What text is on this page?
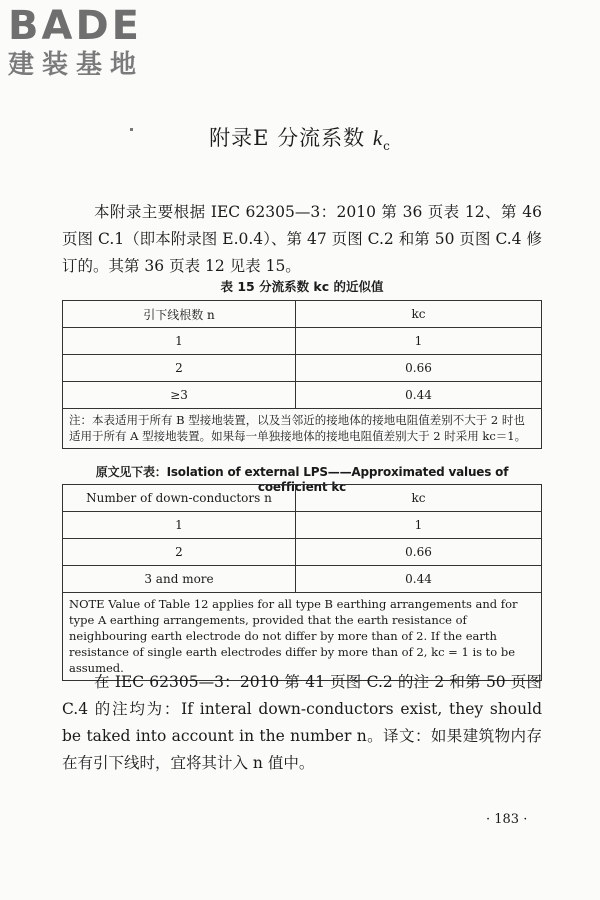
BADE
建装基地
附录E 分流系数 $k_c$

本附录主要根据 IEC 62305—3：2010 第 36 页表 12、第 46 页图 C.1（即本附录图 E.0.4）、第 47 页图 C.2 和第 50 页图 C.4 修订的。其第 36 页表 12 见表 15。

表 15 分流系数 kc 的近似值
引下线根数 n	kc
1	1
2	0.66
≥3	0.44
注：本表适用于所有 B 型接地装置，以及当邻近的接地体的接地电阻值差别不大于 2 时也适用于所有 A 型接地装置。如果每一单独接地体的接地电阻值差别大于 2 时采用 kc＝1。	
原文见下表：Isolation of external LPS——Approximated values of coefficient kc
Number of down-conductors n	kc
1	1
2	0.66
3 and more	0.44
NOTE Value of Table 12 applies for all type B earthing arrangements and for type A earthing arrangements, provided that the earth resistance of neighbouring earth electrode do not differ by more than of 2. If the earth resistance of single earth electrodes differ by more than of 2, kc = 1 is to be assumed.	

在 IEC 62305—3：2010 第 41 页图 C.2 的注 2 和第 50 页图 C.4 的注均为：If interal down-conductors exist, they should be taked into account in the number n。译文：如果建筑物内存在有引下线时，宜将其计入 n 值中。

· 183 ·
